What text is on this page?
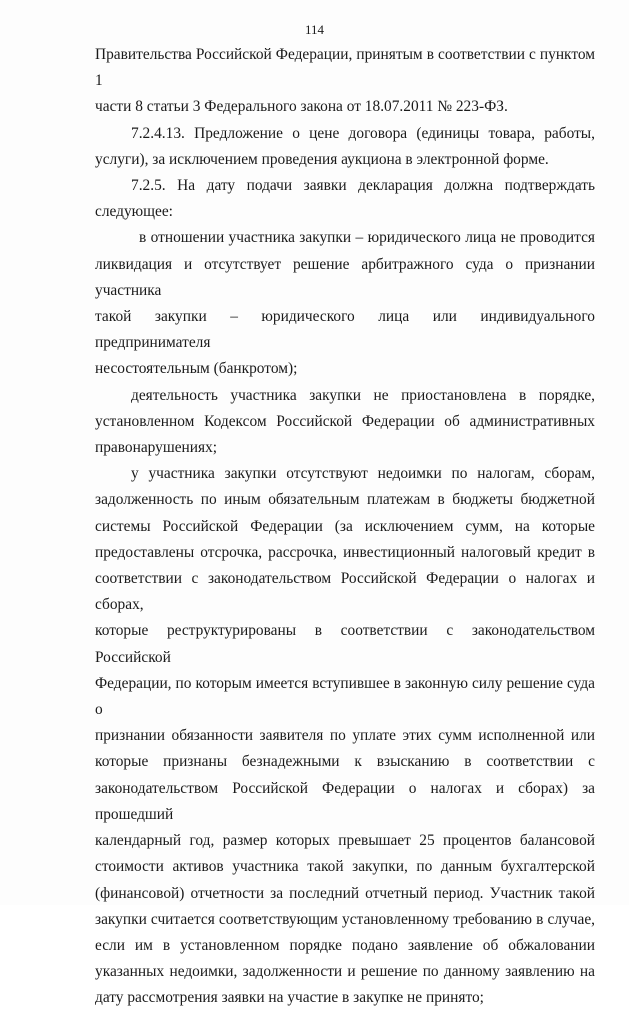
114

Правительства Российской Федерации, принятым в соответствии с пунктом 1

части 8 статьи 3 Федерального закона от 18.07.2011 № 223-ФЗ.

7.2.4.13. Предложение о цене договора (единицы товара, работы,

услуги), за исключением проведения аукциона в электронной форме.

7.2.5. На дату подачи заявки декларация должна подтверждать

следующее:

в отношении участника закупки – юридического лица не проводится

ликвидация и отсутствует решение арбитражного суда о признании участника

такой закупки – юридического лица или индивидуального предпринимателя

несостоятельным (банкротом);

деятельность участника закупки не приостановлена в порядке,

установленном Кодексом Российской Федерации об административных

правонарушениях;

у участника закупки отсутствуют недоимки по налогам, сборам,

задолженность по иным обязательным платежам в бюджеты бюджетной

системы Российской Федерации (за исключением сумм, на которые

предоставлены отсрочка, рассрочка, инвестиционный налоговый кредит в

соответствии с законодательством Российской Федерации о налогах и сборах,

которые реструктурированы в соответствии с законодательством Российской

Федерации, по которым имеется вступившее в законную силу решение суда о

признании обязанности заявителя по уплате этих сумм исполненной или

которые признаны безнадежными к взысканию в соответствии с

законодательством Российской Федерации о налогах и сборах) за прошедший

календарный год, размер которых превышает 25 процентов балансовой

стоимости активов участника такой закупки, по данным бухгалтерской

(финансовой) отчетности за последний отчетный период. Участник такой

закупки считается соответствующим установленному требованию в случае,

если им в установленном порядке подано заявление об обжаловании

указанных недоимки, задолженности и решение по данному заявлению на

дату рассмотрения заявки на участие в закупке не принято;
